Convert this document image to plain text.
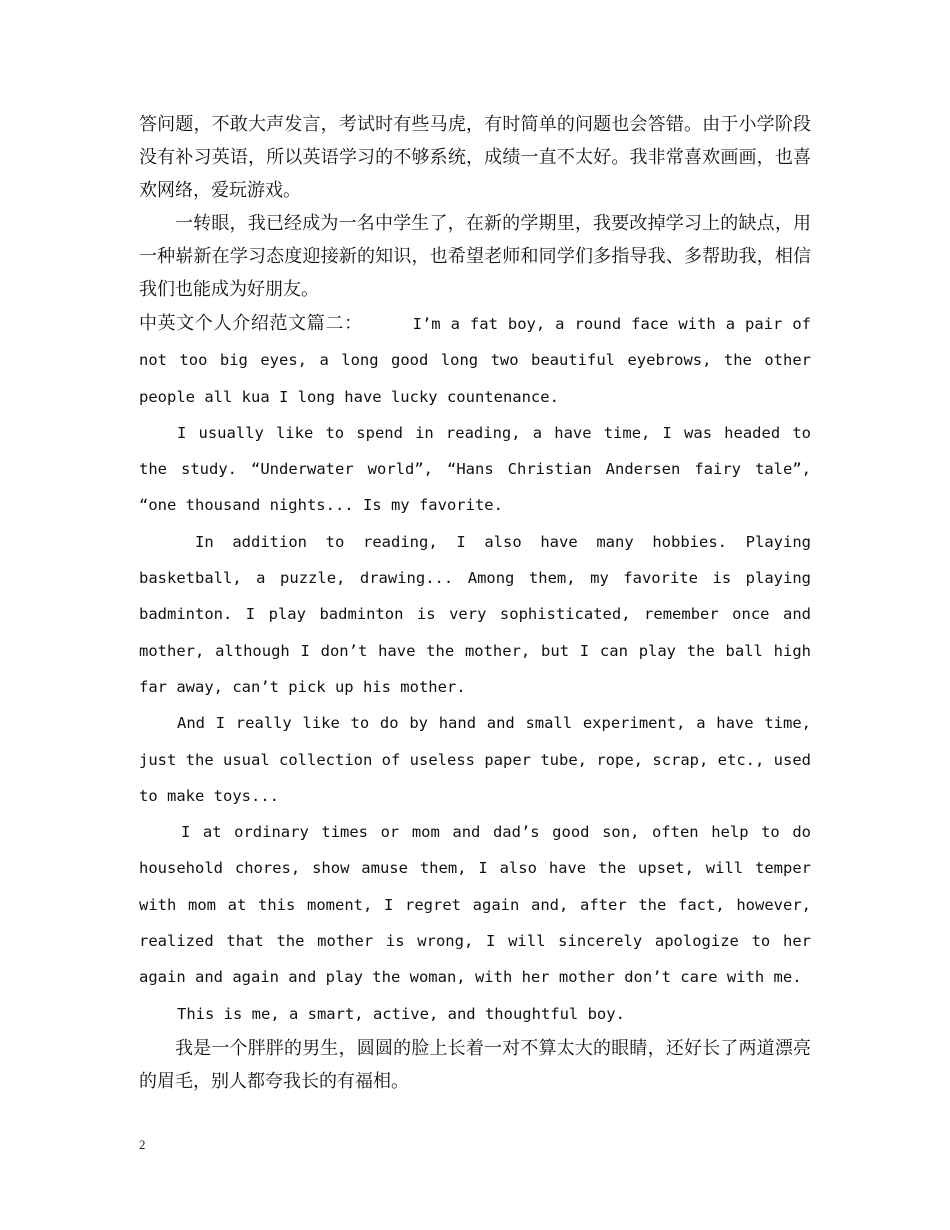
答问题，不敢大声发言，考试时有些马虎，有时简单的问题也会答错。由于小学阶段没有补习英语，所以英语学习的不够系统，成绩一直不太好。我非常喜欢画画，也喜欢网络，爱玩游戏。

一转眼，我已经成为一名中学生了，在新的学期里，我要改掉学习上的缺点，用一种崭新在学习态度迎接新的知识，也希望老师和同学们多指导我、多帮助我，相信我们也能成为好朋友。

中英文个人介绍范文篇二：	I’m a fat boy, a round face with a pair of not too big eyes, a long good long two beautiful eyebrows, the other people all kua I long have lucky countenance.

I usually like to spend in reading, a have time, I was headed to the study. “Underwater world”, “Hans Christian Andersen fairy tale”, “one thousand nights... Is my favorite.

In addition to reading, I also have many hobbies. Playing basketball, a puzzle, drawing... Among them, my favorite is playing badminton. I play badminton is very sophisticated, remember once and mother, although I don’t have the mother, but I can play the ball high far away, can’t pick up his mother.

And I really like to do by hand and small experiment, a have time, just the usual collection of useless paper tube, rope, scrap, etc., used to make toys...

I at ordinary times or mom and dad’s good son, often help to do household chores, show amuse them, I also have the upset, will temper with mom at this moment, I regret again and, after the fact, however, realized that the mother is wrong, I will sincerely apologize to her again and again and play the woman, with her mother don’t care with me.

This is me, a smart, active, and thoughtful boy.

我是一个胖胖的男生，圆圆的脸上长着一对不算太大的眼睛，还好长了两道漂亮的眉毛，别人都夸我长的有福相。

2
